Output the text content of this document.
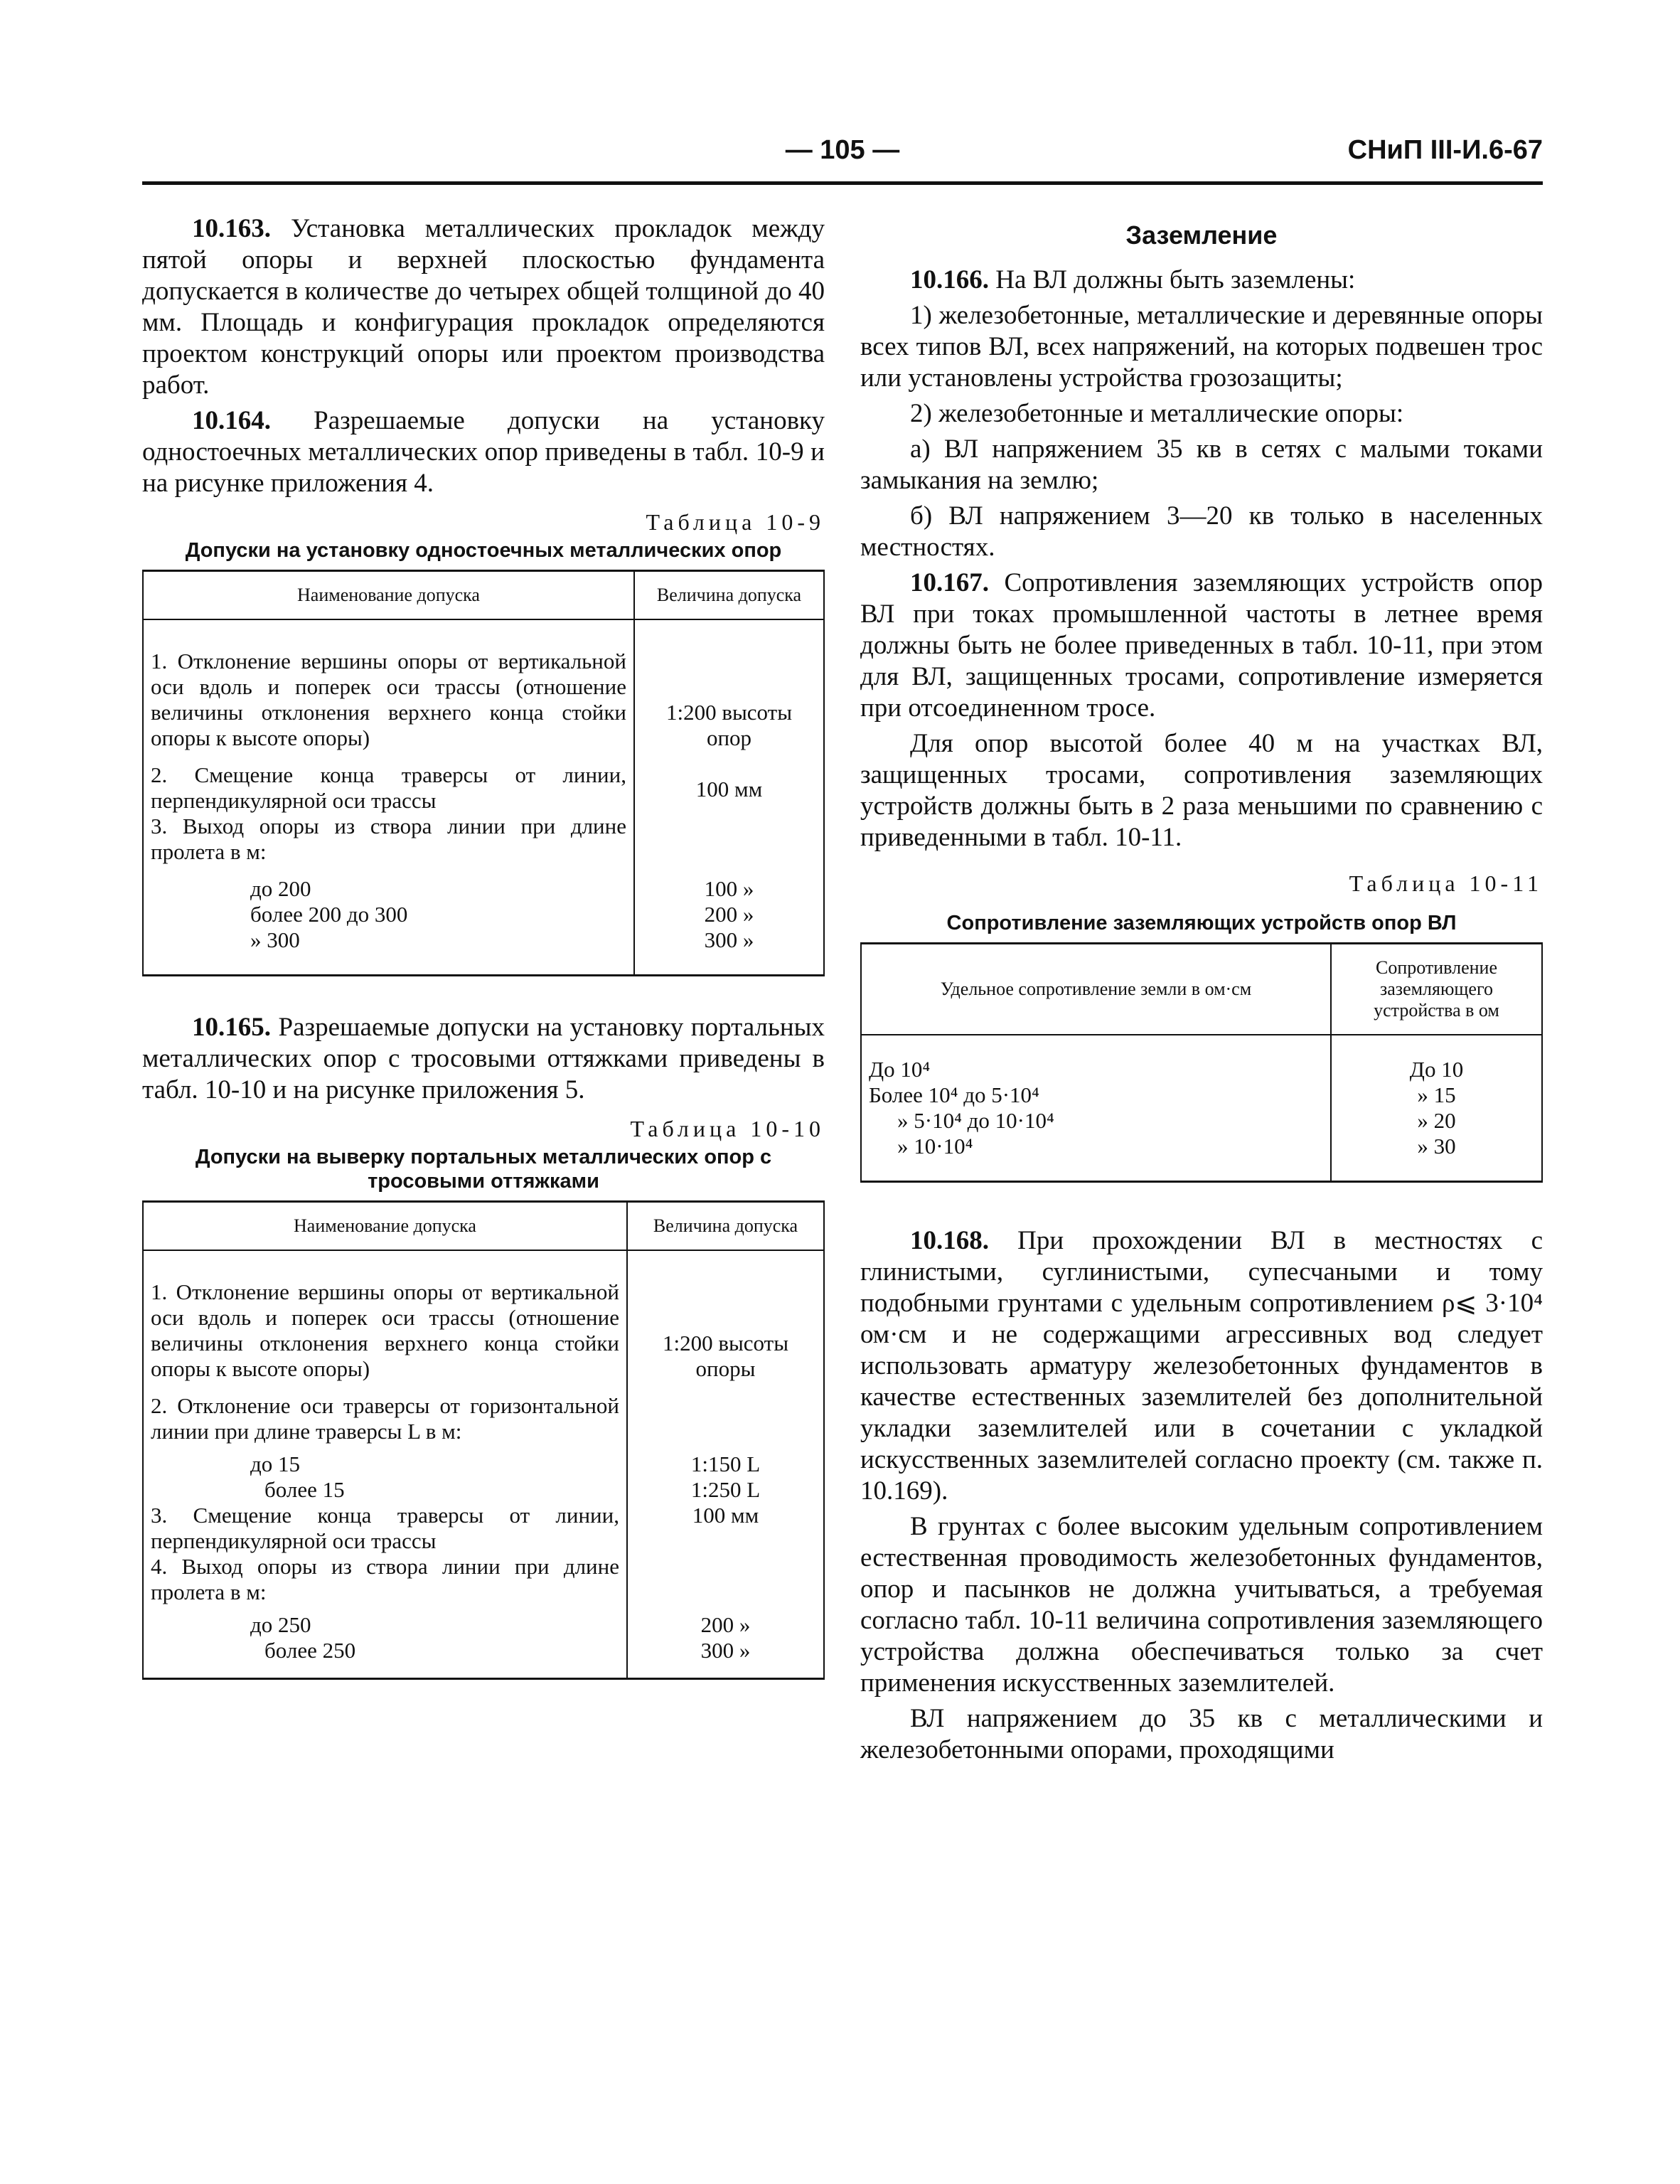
— 105 —	СНиП III-И.6-67

10.163. Установка металлических прокладок между пятой опоры и верхней плоскостью фундамента допускается в количестве до четырех общей толщиной до 40 мм. Площадь и конфигурация прокладок определяются проектом конструкций опоры или проектом производства работ.

10.164. Разрешаемые допуски на установку одностоечных металлических опор приведены в табл. 10-9 и на рисунке приложения 4.

Таблица 10-9
Допуски на установку одностоечных металлических опор
Наименование допуска	Величина допуска

1. Отклонение вершины опоры от вертикальной оси вдоль и поперек оси трассы (отношение величины отклонения верхнего конца стойки опоры к высоте опоры)	1:200 высоты опор
2. Смещение конца траверсы от линии, перпендикулярной оси трассы	100 мм
3. Выход опоры из створа линии при длине пролета в м:	
до 200	100 »
более 200 до 300	200 »
» 300	300 »

10.165. Разрешаемые допуски на установку портальных металлических опор с тросовыми оттяжками приведены в табл. 10-10 и на рисунке приложения 5.

Таблица 10-10
Допуски на выверку портальных металлических опор с тросовыми оттяжками
Наименование допуска	Величина допуска

1. Отклонение вершины опоры от вертикальной оси вдоль и поперек оси трассы (отношение величины отклонения верхнего конца стойки опоры к высоте опоры)	1:200 высоты опоры
2. Отклонение оси траверсы от горизонтальной линии при длине траверсы L в м:	
до 15	1:150 L
более 15	1:250 L
3. Смещение конца траверсы от линии, перпендикулярной оси трассы	100 мм
4. Выход опоры из створа линии при длине пролета в м:	
до 250	200 »
более 250	300 »
Заземление

10.166. На ВЛ должны быть заземлены:

1) железобетонные, металлические и деревянные опоры всех типов ВЛ, всех напряжений, на которых подвешен трос или установлены устройства грозозащиты;

2) железобетонные и металлические опоры:

а) ВЛ напряжением 35 кв в сетях с малыми токами замыкания на землю;

б) ВЛ напряжением 3—20 кв только в населенных местностях.

10.167. Сопротивления заземляющих устройств опор ВЛ при токах промышленной частоты в летнее время должны быть не более приведенных в табл. 10-11, при этом для ВЛ, защищенных тросами, сопротивление измеряется при отсоединенном тросе.

Для опор высотой более 40 м на участках ВЛ, защищенных тросами, сопротивления заземляющих устройств должны быть в 2 раза меньшими по сравнению с приведенными в табл. 10-11.

Таблица 10-11
Сопротивление заземляющих устройств опор ВЛ
Удельное сопротивление земли в ом·см	Сопротивление заземляющего устройства в ом
До 10⁴	До 10
Более 10⁴ до 5·10⁴	» 15
» 5·10⁴ до 10·10⁴	» 20
» 10·10⁴	» 30

10.168. При прохождении ВЛ в местностях с глинистыми, суглинистыми, супесчаными и тому подобными грунтами с удельным сопротивлением ρ⩽ 3·10⁴ ом·см и не содержащими агрессивных вод следует использовать арматуру железобетонных фундаментов в качестве естественных заземлителей без дополнительной укладки заземлителей или в сочетании с укладкой искусственных заземлителей согласно проекту (см. также п. 10.169).

В грунтах с более высоким удельным сопротивлением естественная проводимость железобетонных фундаментов, опор и пасынков не должна учитываться, а требуемая согласно табл. 10-11 величина сопротивления заземляющего устройства должна обеспечиваться только за счет применения искусственных заземлителей.

ВЛ напряжением до 35 кв с металлическими и железобетонными опорами, проходящими
